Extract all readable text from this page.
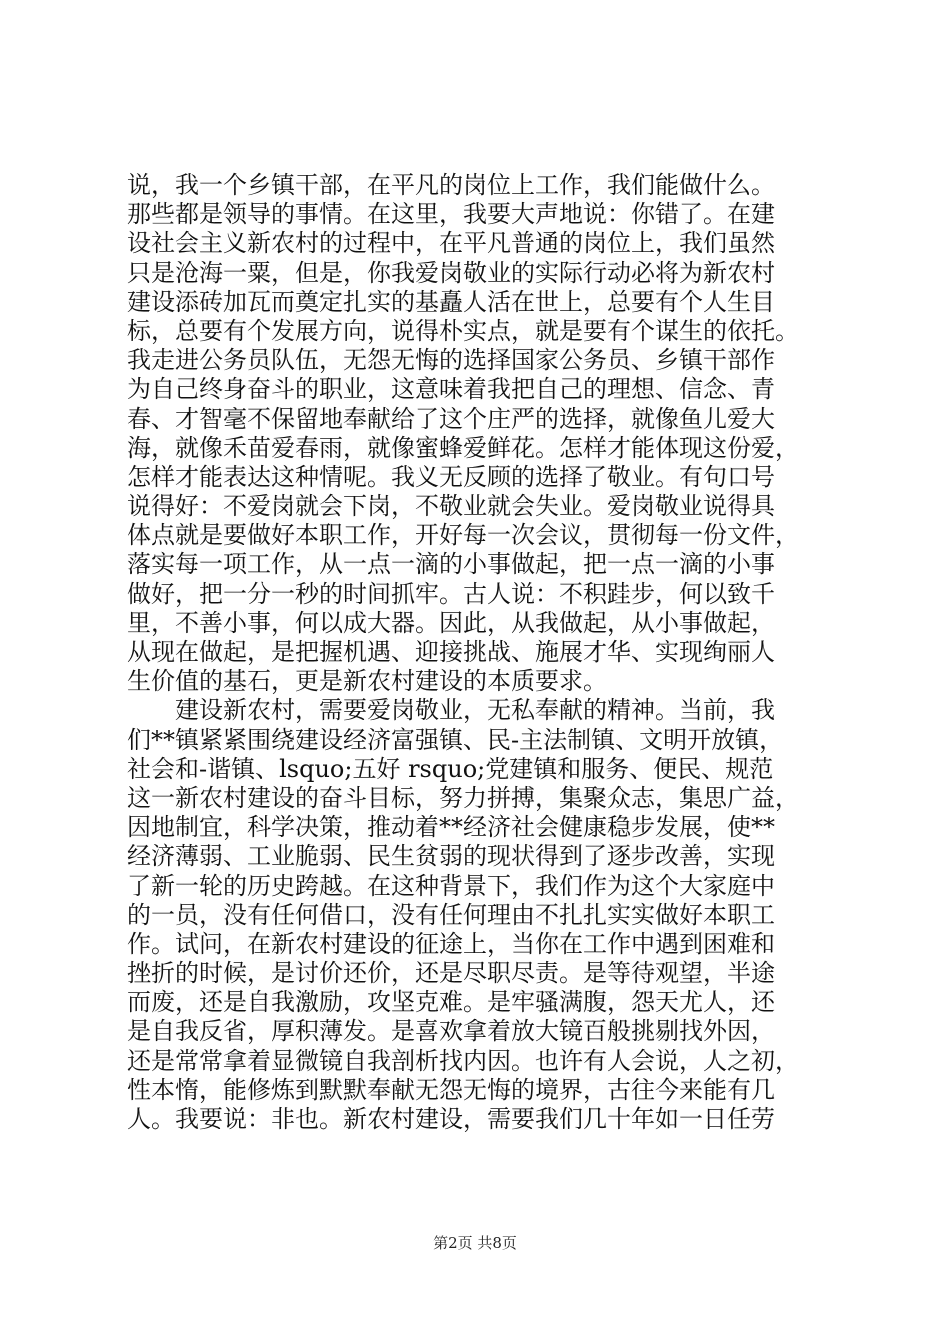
说，我一个乡镇干部，在平凡的岗位上工作，我们能做什么。
那些都是领导的事情。在这里，我要大声地说：你错了。在建
设社会主义新农村的过程中，在平凡普通的岗位上，我们虽然
只是沧海一粟，但是，你我爱岗敬业的实际行动必将为新农村
建设添砖加瓦而奠定扎实的基矗人活在世上，总要有个人生目
标，总要有个发展方向，说得朴实点，就是要有个谋生的依托。
我走进公务员队伍，无怨无悔的选择国家公务员、乡镇干部作
为自己终身奋斗的职业，这意味着我把自己的理想、信念、青
春、才智毫不保留地奉献给了这个庄严的选择，就像鱼儿爱大
海，就像禾苗爱春雨，就像蜜蜂爱鲜花。怎样才能体现这份爱，
怎样才能表达这种情呢。我义无反顾的选择了敬业。有句口号
说得好：不爱岗就会下岗，不敬业就会失业。爱岗敬业说得具
体点就是要做好本职工作，开好每一次会议，贯彻每一份文件，
落实每一项工作，从一点一滴的小事做起，把一点一滴的小事
做好，把一分一秒的时间抓牢。古人说：不积跬步，何以致千
里，不善小事，何以成大器。因此，从我做起，从小事做起，
从现在做起，是把握机遇、迎接挑战、施展才华、实现绚丽人
生价值的基石，更是新农村建设的本质要求。
　　建设新农村，需要爱岗敬业，无私奉献的精神。当前，我
们**镇紧紧围绕建设经济富强镇、民-主法制镇、文明开放镇，
社会和-谐镇、lsquo;五好 rsquo;党建镇和服务、便民、规范
这一新农村建设的奋斗目标，努力拼搏，集聚众志，集思广益，
因地制宜，科学决策，推动着**经济社会健康稳步发展，使**
经济薄弱、工业脆弱、民生贫弱的现状得到了逐步改善，实现
了新一轮的历史跨越。在这种背景下，我们作为这个大家庭中
的一员，没有任何借口，没有任何理由不扎扎实实做好本职工
作。试问，在新农村建设的征途上，当你在工作中遇到困难和
挫折的时候，是讨价还价，还是尽职尽责。是等待观望，半途
而废，还是自我激励，攻坚克难。是牢骚满腹，怨天尤人，还
是自我反省，厚积薄发。是喜欢拿着放大镜百般挑剔找外因，
还是常常拿着显微镜自我剖析找内因。也许有人会说，人之初，
性本惰，能修炼到默默奉献无怨无悔的境界，古往今来能有几
人。我要说：非也。新农村建设，需要我们几十年如一日任劳
第2页 共8页
